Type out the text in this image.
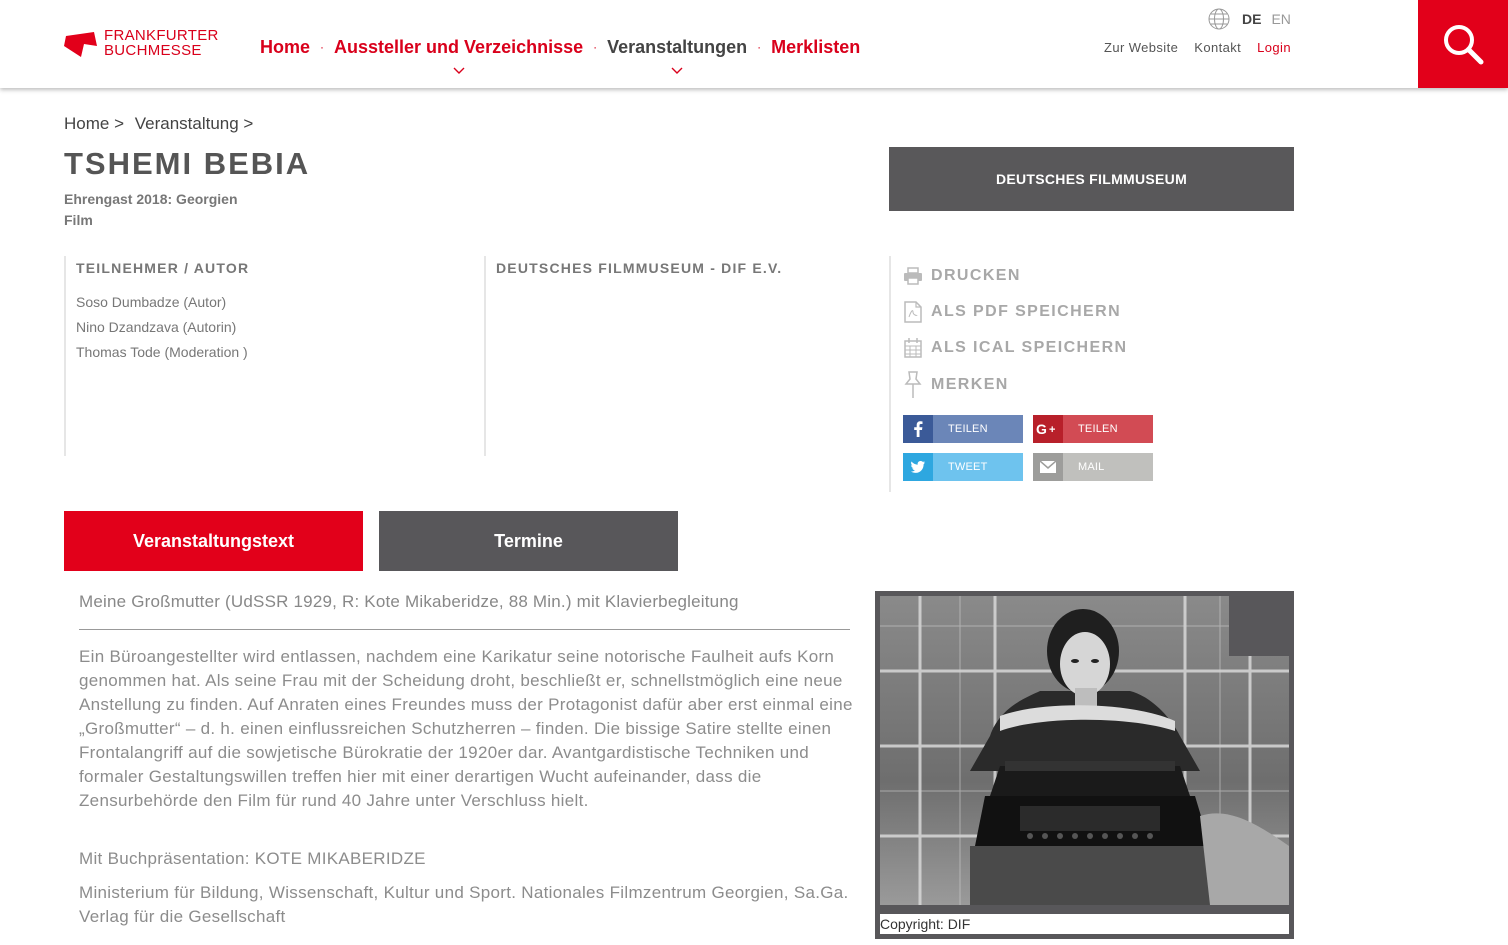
FRANKFURTER
BUCHMESSE	Home · Aussteller und Verzeichnisse · Veranstaltungen · Merklisten
DE EN
Zur Website Kontakt Login
Home > Veranstaltung >
TSHEMI BEBIA
Ehrengast 2018: Georgien
Film
DEUTSCHES FILMMUSEUM
TEILNEHMER / AUTOR
Soso Dumbadze (Autor)
Nino Dzandzava (Autorin)
Thomas Tode (Moderation )
DEUTSCHES FILMMUSEUM - DIF E.V.	DRUCKEN
ALS PDF SPEICHERN
ALS ICAL SPEICHERN
MERKEN
TEILEN	G +	TEILEN
TWEET	MAIL
Veranstaltungstext	Termine
Meine Großmutter (UdSSR 1929, R: Kote Mikaberidze, 88 Min.) mit Klavierbegleitung

Ein Büroangestellter wird entlassen, nachdem eine Karikatur seine notorische Faulheit aufs Korn genommen hat. Als seine Frau mit der Scheidung droht, beschließt er, schnellstmöglich eine neue Anstellung zu finden. Auf Anraten eines Freundes muss der Protagonist dafür aber erst einmal eine „Großmutter“ – d. h. einen einflussreichen Schutzherren – finden. Die bissige Satire stellte einen Frontalangriff auf die sowjetische Bürokratie der 1920er dar. Avantgardistische Techniken und formaler Gestaltungswillen treffen hier mit einer derartigen Wucht aufeinander, dass die Zensurbehörde den Film für rund 40 Jahre unter Verschluss hielt.

Mit Buchpräsentation: KOTE MIKABERIDZE

Ministerium für Bildung, Wissenschaft, Kultur und Sport. Nationales Filmzentrum Georgien, Sa.Ga. Verlag für die Gesellschaft	Copyright: DIF
